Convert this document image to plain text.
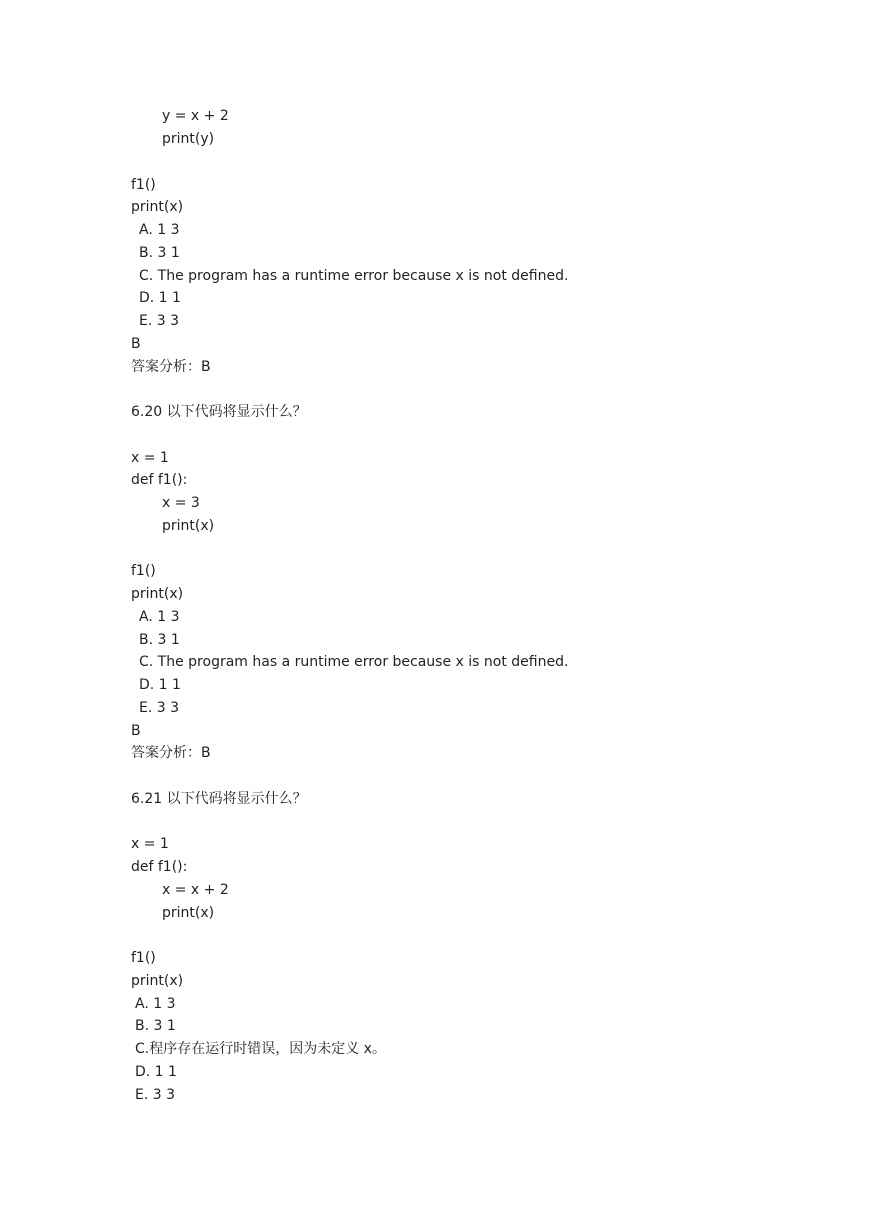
y = x + 2
print(y)
f1()
print(x)
A. 1 3
B. 3 1
C. The program has a runtime error because x is not defined.
D. 1 1
E. 3 3
B
答案分析：B
6.20 以下代码将显示什么？
x = 1
def f1():
x = 3
print(x)
f1()
print(x)
A. 1 3
B. 3 1
C. The program has a runtime error because x is not defined.
D. 1 1
E. 3 3
B
答案分析：B
6.21 以下代码将显示什么？
x = 1
def f1():
x = x + 2
print(x)
f1()
print(x)
A. 1 3
B. 3 1
C.程序存在运行时错误，因为未定义 x。
D. 1 1
E. 3 3
